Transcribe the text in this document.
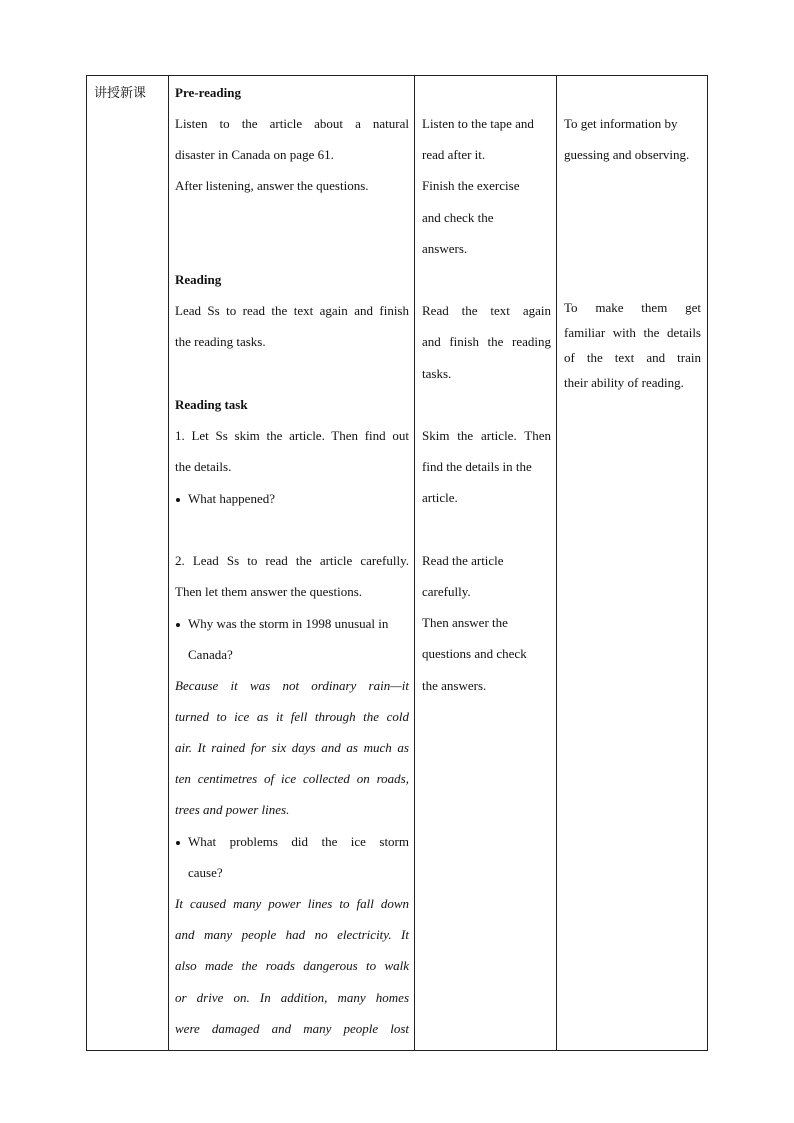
讲授新课	Pre-reading
Listen to the article about a natural
disaster in Canada on page 61.
After listening, answer the questions.
Reading
Lead Ss to read the text again and finish
the reading tasks.
Reading task
1. Let Ss skim the article. Then find out
the details.
What happened?
2. Lead Ss to read the article carefully.
Then let them answer the questions.
Why was the storm in 1998 unusual in
Canada?
Because it was not ordinary rain—it
turned to ice as it fell through the cold
air. It rained for six days and as much as
ten centimetres of ice collected on roads,
trees and power lines.
What problems did the ice storm
cause?
It caused many power lines to fall down
and many people had no electricity. It
also made the roads dangerous to walk
or drive on. In addition, many homes
were damaged and many people lost
Listen to the tape and
read after it.
Finish the exercise
and check the
answers.
Read the text again
and finish the reading
tasks.
Skim the article. Then
find the details in the
article.
Read the article
carefully.
Then answer the
questions and check
the answers.
To get information by
guessing and observing.
To make them get
familiar with the details
of the text and train
their ability of reading.
